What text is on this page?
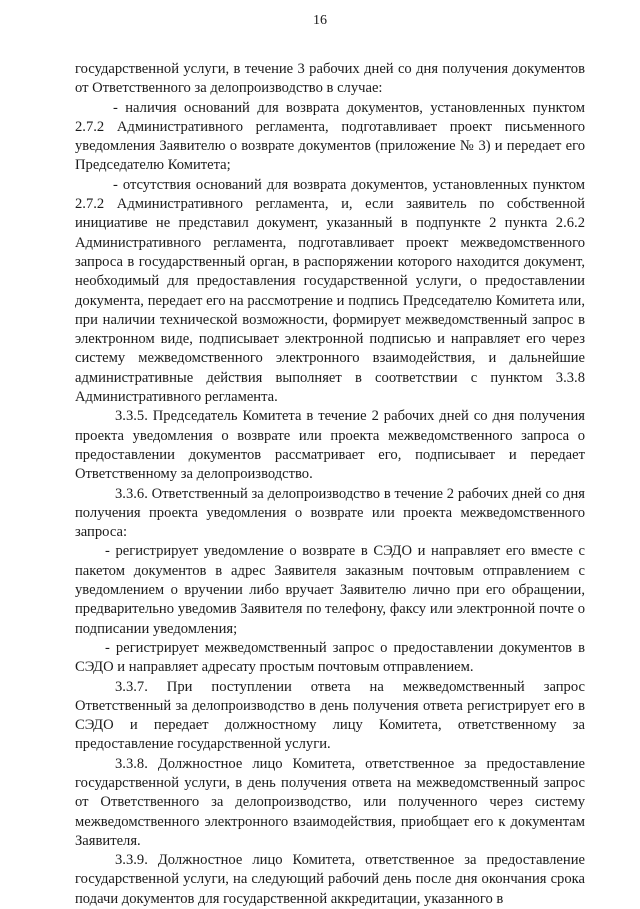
16

государственной услуги, в течение 3 рабочих дней со дня получения документов от Ответственного за делопроизводство в случае:

- наличия оснований для возврата документов, установленных пунктом 2.7.2 Административного регламента, подготавливает проект письменного уведомления Заявителю о возврате документов (приложение № 3) и передает его Председателю Комитета;

- отсутствия оснований для возврата документов, установленных пунктом 2.7.2 Административного регламента, и, если заявитель по собственной инициативе не представил документ, указанный в подпункте 2 пункта 2.6.2 Административного регламента, подготавливает проект межведомственного запроса в государственный орган, в распоряжении которого находится документ, необходимый для предоставления государственной услуги, о предоставлении документа, передает его на рассмотрение и подпись Председателю Комитета или, при наличии технической возможности, формирует межведомственный запрос в электронном виде, подписывает электронной подписью и направляет его через систему межведомственного электронного взаимодействия, и дальнейшие административные действия выполняет в соответствии с пунктом 3.3.8 Административного регламента.

3.3.5. Председатель Комитета в течение 2 рабочих дней со дня получения проекта уведомления о возврате или проекта межведомственного запроса о предоставлении документов рассматривает его, подписывает и передает Ответственному за делопроизводство.

3.3.6. Ответственный за делопроизводство в течение 2 рабочих дней со дня получения проекта уведомления о возврате или проекта межведомственного запроса:

- регистрирует уведомление о возврате в СЭДО и направляет его вместе с пакетом документов в адрес Заявителя заказным почтовым отправлением с уведомлением о вручении либо вручает Заявителю лично при его обращении, предварительно уведомив Заявителя по телефону, факсу или электронной почте о подписании уведомления;

- регистрирует межведомственный запрос о предоставлении документов в СЭДО и направляет адресату простым почтовым отправлением.

3.3.7. При поступлении ответа на межведомственный запрос Ответственный за делопроизводство в день получения ответа регистрирует его в СЭДО и передает должностному лицу Комитета, ответственному за предоставление государственной услуги.

3.3.8. Должностное лицо Комитета, ответственное за предоставление государственной услуги, в день получения ответа на межведомственный запрос от Ответственного за делопроизводство, или полученного через систему межведомственного электронного взаимодействия, приобщает его к документам Заявителя.

3.3.9. Должностное лицо Комитета, ответственное за предоставление государственной услуги, на следующий рабочий день после дня окончания срока подачи документов для государственной аккредитации, указанного в
